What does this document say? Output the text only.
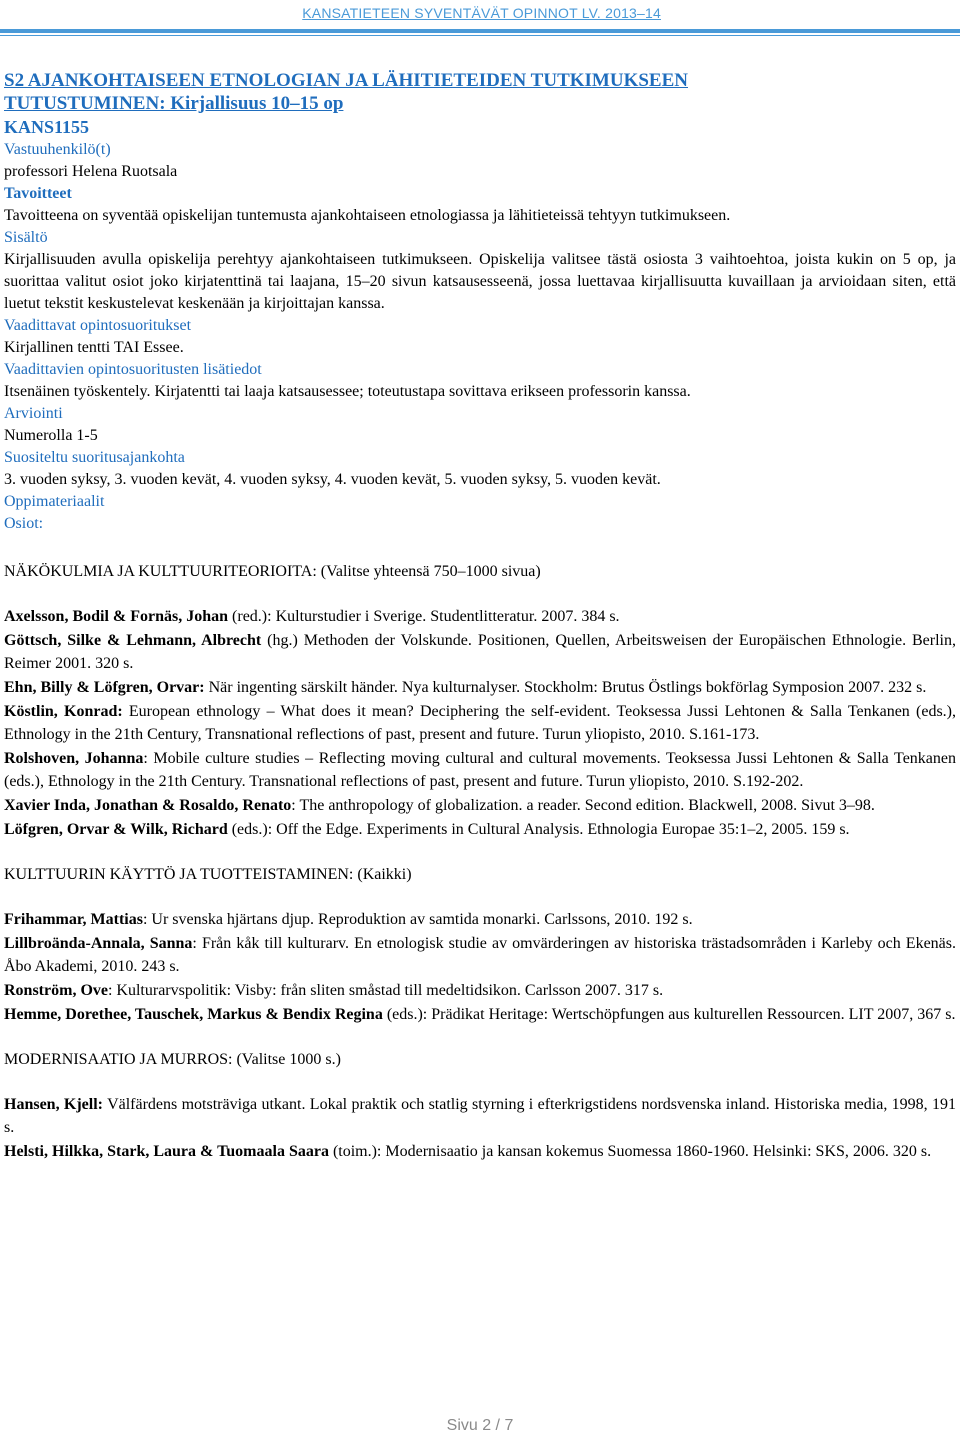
KANSATIETEEN SYVENTÄVÄT OPINNOT LV. 2013–14

S2 AJANKOHTAISEEN ETNOLOGIAN JA LÄHITIETEIDEN TUTKIMUKSEEN

TUTUSTUMINEN: Kirjallisuus 10–15 op

KANS1155

Vastuuhenkilö(t)

professori Helena Ruotsala

Tavoitteet

Tavoitteena on syventää opiskelijan tuntemusta ajankohtaiseen etnologiassa ja lähitieteissä tehtyyn tutkimukseen.

Sisältö

Kirjallisuuden avulla opiskelija perehtyy ajankohtaiseen tutkimukseen. Opiskelija valitsee tästä osiosta 3 vaihtoehtoa, joista kukin on 5 op, ja suorittaa valitut osiot joko kirjatenttinä tai laajana, 15–20 sivun katsausesseenä, jossa luettavaa kirjallisuutta kuvaillaan ja arvioidaan siten, että luetut tekstit keskustelevat keskenään ja kirjoittajan kanssa.

Vaadittavat opintosuoritukset

Kirjallinen tentti TAI Essee.

Vaadittavien opintosuoritusten lisätiedot

Itsenäinen työskentely. Kirjatentti tai laaja katsausessee; toteutustapa sovittava erikseen professorin kanssa.

Arviointi

Numerolla 1-5

Suositeltu suoritusajankohta

3. vuoden syksy, 3. vuoden kevät, 4. vuoden syksy, 4. vuoden kevät, 5. vuoden syksy, 5. vuoden kevät.

Oppimateriaalit

Osiot:

NÄKÖKULMIA JA KULTTUURITEORIOITA: (Valitse yhteensä 750–1000 sivua)

Axelsson, Bodil & Fornäs, Johan (red.): Kulturstudier i Sverige. Studentlitteratur. 2007. 384 s.

Göttsch, Silke & Lehmann, Albrecht (hg.) Methoden der Volskunde. Positionen, Quellen, Arbeitsweisen der Europäischen Ethnologie. Berlin, Reimer 2001. 320 s.

Ehn, Billy & Löfgren, Orvar: När ingenting särskilt händer. Nya kulturnalyser. Stockholm: Brutus Östlings bokförlag Symposion 2007. 232 s.

Köstlin, Konrad: European ethnology – What does it mean? Deciphering the self-evident. Teoksessa Jussi Lehtonen & Salla Tenkanen (eds.), Ethnology in the 21th Century, Transnational reflections of past, present and future. Turun yliopisto, 2010. S.161-173.

Rolshoven, Johanna: Mobile culture studies – Reflecting moving cultural and cultural movements. Teoksessa Jussi Lehtonen & Salla Tenkanen (eds.), Ethnology in the 21th Century. Transnational reflections of past, present and future. Turun yliopisto, 2010. S.192-202.

Xavier Inda, Jonathan & Rosaldo, Renato: The anthropology of globalization. a reader. Second edition. Blackwell, 2008. Sivut 3–98.

Löfgren, Orvar & Wilk, Richard (eds.): Off the Edge. Experiments in Cultural Analysis. Ethnologia Europae 35:1–2, 2005. 159 s.

KULTTUURIN KÄYTTÖ JA TUOTTEISTAMINEN: (Kaikki)

Frihammar, Mattias: Ur svenska hjärtans djup. Reproduktion av samtida monarki. Carlssons, 2010. 192 s.

Lillbroända-Annala, Sanna: Från kåk till kulturarv. En etnologisk studie av omvärderingen av historiska trästadsområden i Karleby och Ekenäs. Åbo Akademi, 2010. 243 s.

Ronström, Ove: Kulturarvspolitik: Visby: från sliten småstad till medeltidsikon. Carlsson 2007. 317 s.

Hemme, Dorethee, Tauschek, Markus & Bendix Regina (eds.): Prädikat Heritage: Wertschöpfungen aus kulturellen Ressourcen. LIT 2007, 367 s.

MODERNISAATIO JA MURROS: (Valitse 1000 s.)

Hansen, Kjell: Välfärdens motsträviga utkant. Lokal praktik och statlig styrning i efterkrigstidens nordsvenska inland. Historiska media, 1998, 191 s.

Helsti, Hilkka, Stark, Laura & Tuomaala Saara (toim.): Modernisaatio ja kansan kokemus Suomessa 1860-1960. Helsinki: SKS, 2006. 320 s.

Sivu 2 / 7
